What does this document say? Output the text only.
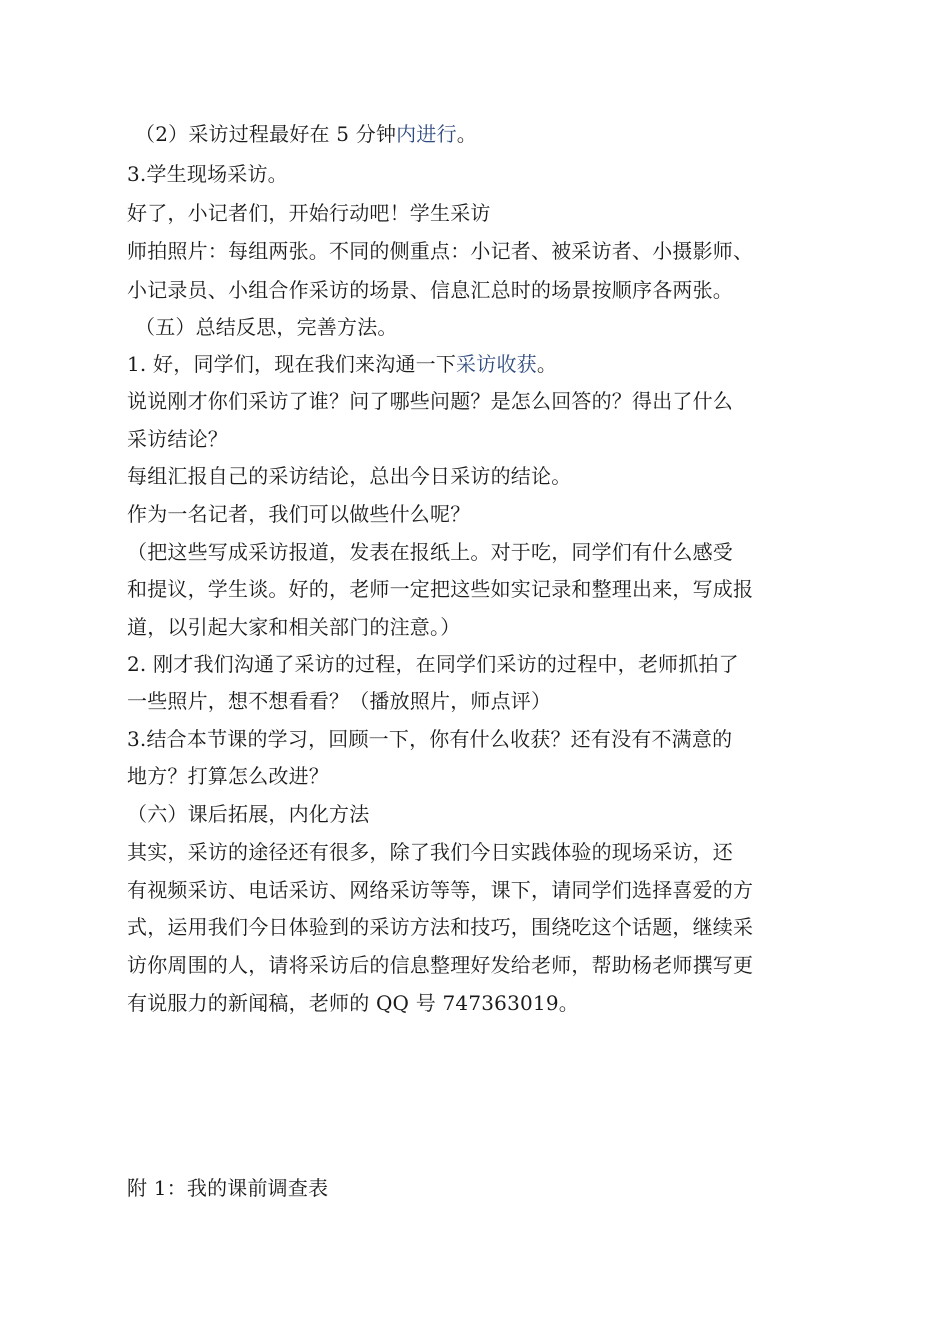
（2）采访过程最好在 5 分钟内进行。
3.学生现场采访。
好了，小记者们，开始行动吧！学生采访
师拍照片：每组两张。不同的侧重点：小记者、被采访者、小摄影师、
小记录员、小组合作采访的场景、信息汇总时的场景按顺序各两张。
（五）总结反思，完善方法。
1. 好，同学们，现在我们来沟通一下采访收获。
说说刚才你们采访了谁？问了哪些问题？是怎么回答的？得出了什么
采访结论？
每组汇报自己的采访结论，总出今日采访的结论。
作为一名记者，我们可以做些什么呢？
（把这些写成采访报道，发表在报纸上。对于吃，同学们有什么感受
和提议，学生谈。好的，老师一定把这些如实记录和整理出来，写成报
道，以引起大家和相关部门的注意。）
2. 刚才我们沟通了采访的过程，在同学们采访的过程中，老师抓拍了
一些照片，想不想看看？（播放照片，师点评）
3.结合本节课的学习，回顾一下，你有什么收获？还有没有不满意的
地方？打算怎么改进？
（六）课后拓展，内化方法
其实，采访的途径还有很多，除了我们今日实践体验的现场采访，还
有视频采访、电话采访、网络采访等等，课下，请同学们选择喜爱的方
式，运用我们今日体验到的采访方法和技巧，围绕吃这个话题，继续采
访你周围的人，请将采访后的信息整理好发给老师，帮助杨老师撰写更
有说服力的新闻稿，老师的 QQ 号 747363019。
附 1：我的课前调查表
